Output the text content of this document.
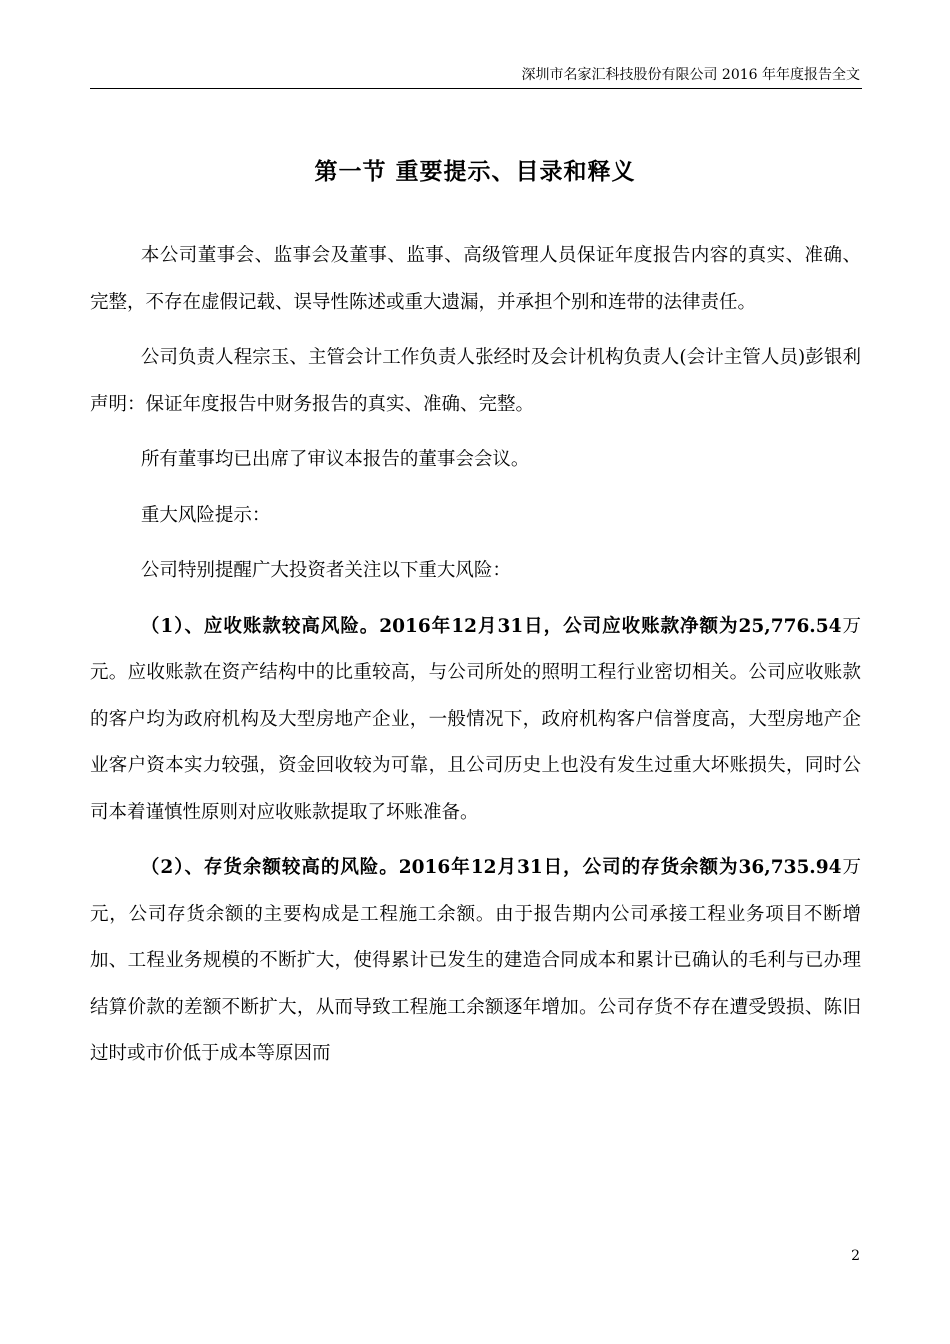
深圳市名家汇科技股份有限公司 2016 年年度报告全文
第一节 重要提示、目录和释义

本公司董事会、监事会及董事、监事、高级管理人员保证年度报告内容的真实、准确、完整，不存在虚假记载、误导性陈述或重大遗漏，并承担个别和连带的法律责任。

公司负责人程宗玉、主管会计工作负责人张经时及会计机构负责人(会计主管人员)彭银利声明：保证年度报告中财务报告的真实、准确、完整。

所有董事均已出席了审议本报告的董事会会议。

重大风险提示：

公司特别提醒广大投资者关注以下重大风险：

（1）、应收账款较高风险。2016年12月31日，公司应收账款净额为25,776.54万元。应收账款在资产结构中的比重较高，与公司所处的照明工程行业密切相关。公司应收账款的客户均为政府机构及大型房地产企业，一般情况下，政府机构客户信誉度高，大型房地产企业客户资本实力较强，资金回收较为可靠，且公司历史上也没有发生过重大坏账损失，同时公司本着谨慎性原则对应收账款提取了坏账准备。

（2）、存货余额较高的风险。2016年12月31日，公司的存货余额为36,735.94万元，公司存货余额的主要构成是工程施工余额。由于报告期内公司承接工程业务项目不断增加、工程业务规模的不断扩大，使得累计已发生的建造合同成本和累计已确认的毛利与已办理结算价款的差额不断扩大，从而导致工程施工余额逐年增加。公司存货不存在遭受毁损、陈旧过时或市价低于成本等原因而

2
